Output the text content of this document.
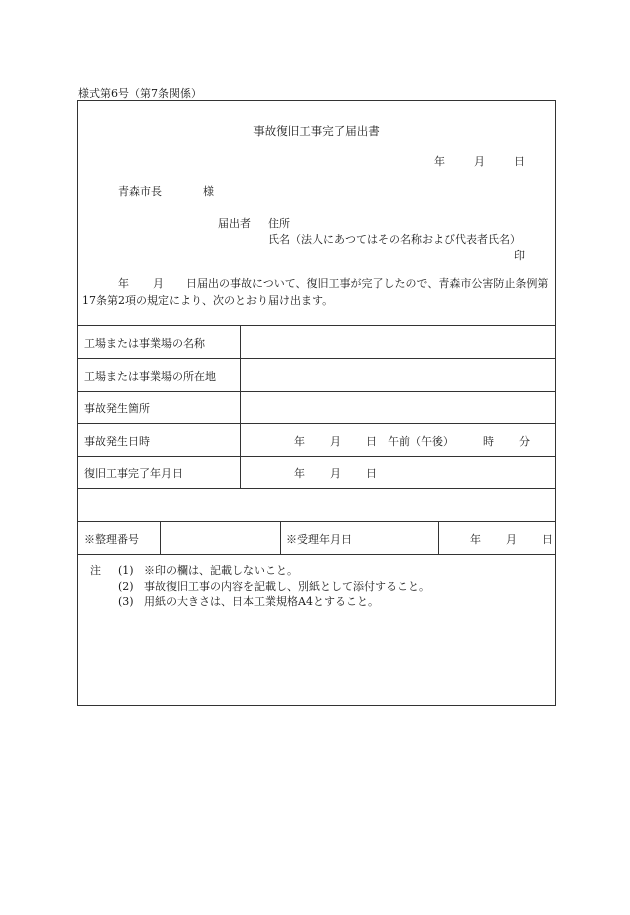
様式第6号（第7条関係）
事故復旧工事完了届出書
年	月	日
青森市長	様
届出者 住所
氏名（法人にあつてはその名称および代表者氏名）
印
年 月 日届出の事故について、復旧工事が完了したので、青森市公害防止条例第17条第2項の規定により、次のとおり届け出ます。
工場または事業場の名称
工場または事業場の所在地
事故発生箇所
事故発生日時	年 月 日 午前（午後）	時 分
復旧工事完了年月日	年 月 日
※整理番号	※受理年月日	年 月 日
注	(1) ※印の欄は、記載しないこと。
(2) 事故復旧工事の内容を記載し、別紙として添付すること。
(3) 用紙の大きさは、日本工業規格A4とすること。
